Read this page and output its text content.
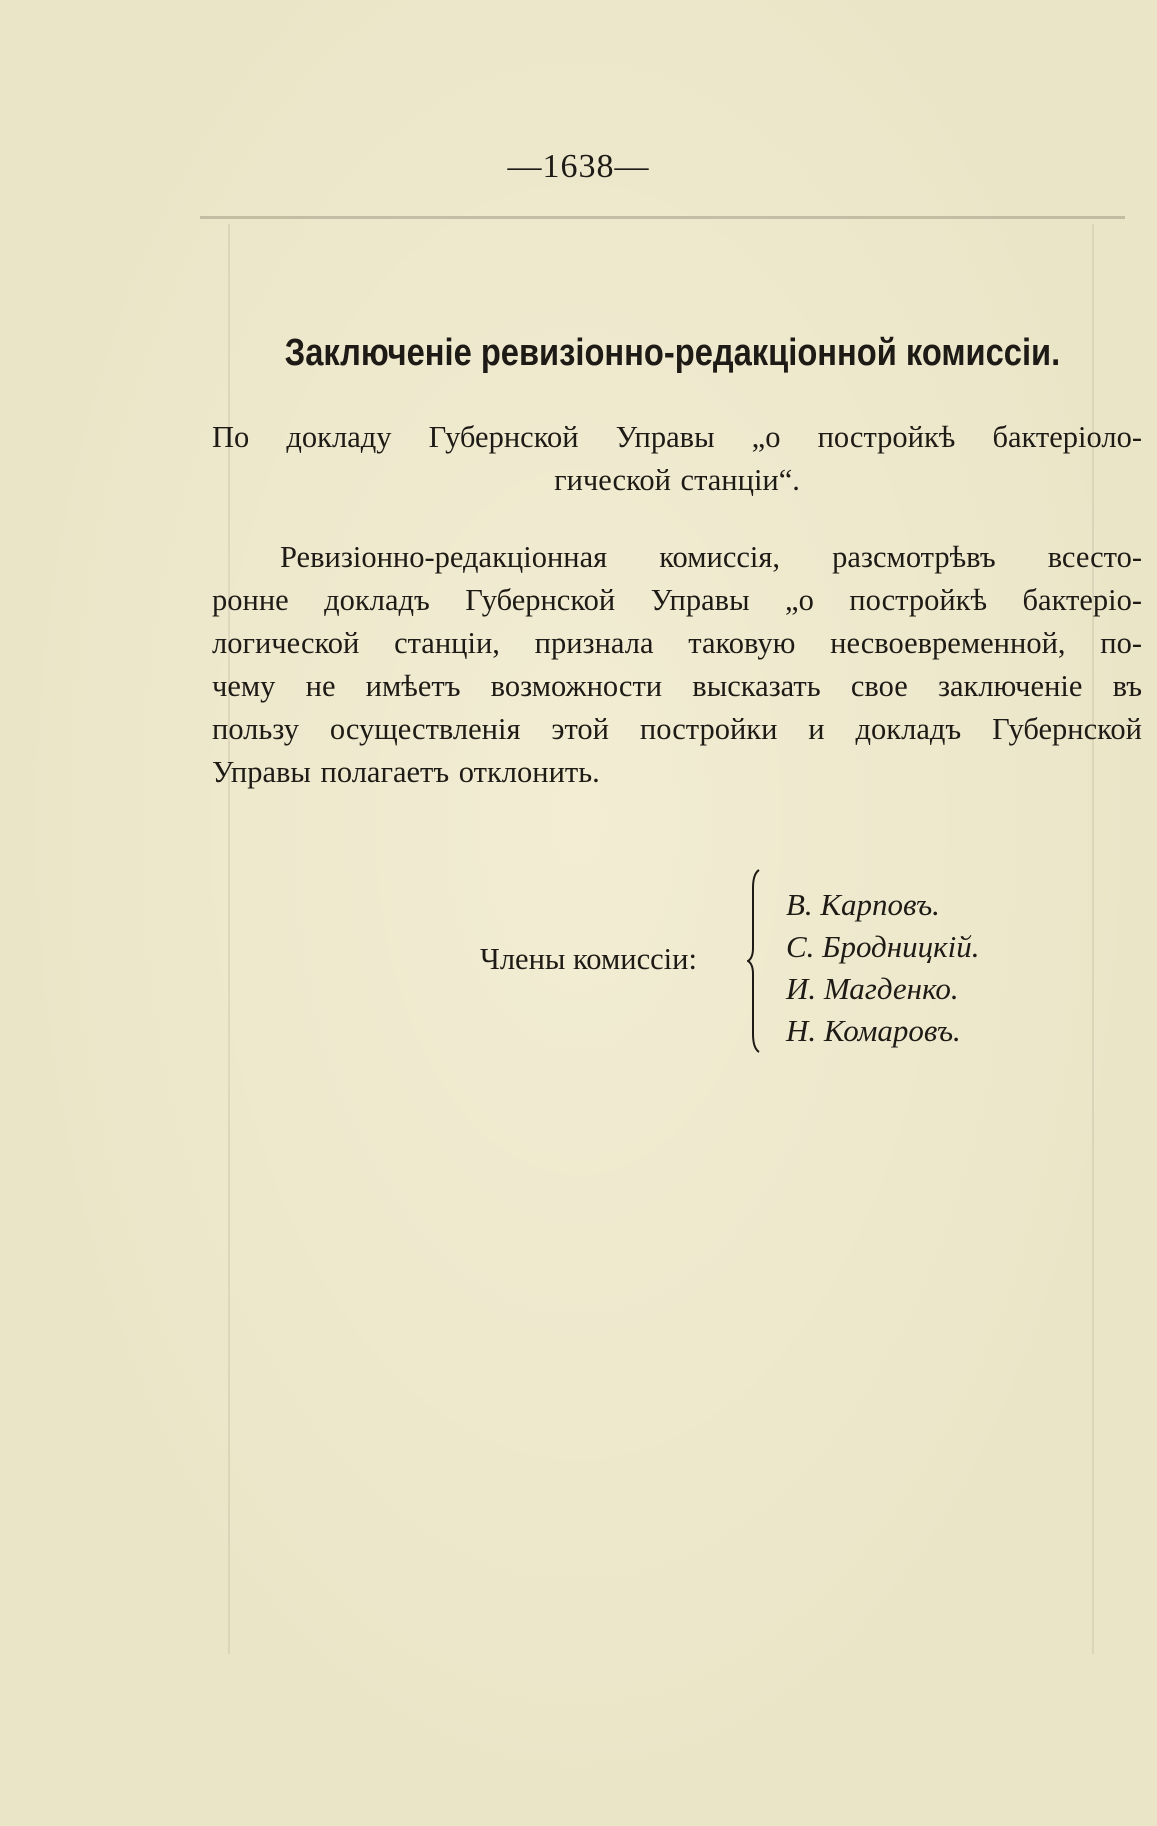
—1638—
Заключенiе ревизiонно-редакцiонной комиссiи.
По докладу Губернской Управы „о постройкѣ бактерiоло-
гической станцiи“.
Ревизiонно-редакцiонная комиссiя, разсмотрѣвъ всесто-
ронне докладъ Губернской Управы „о постройкѣ бактерiо-
логической станцiи, признала таковую несвоевременной, по-
чему не имѣетъ возможности высказать свое заключенiе въ
пользу осуществленiя этой постройки и докладъ Губернской
Управы полагаетъ отклонить.
Члены комиссiи:
В. Карповъ.
С. Бродницкiй.
И. Магденко.
Н. Комаровъ.
